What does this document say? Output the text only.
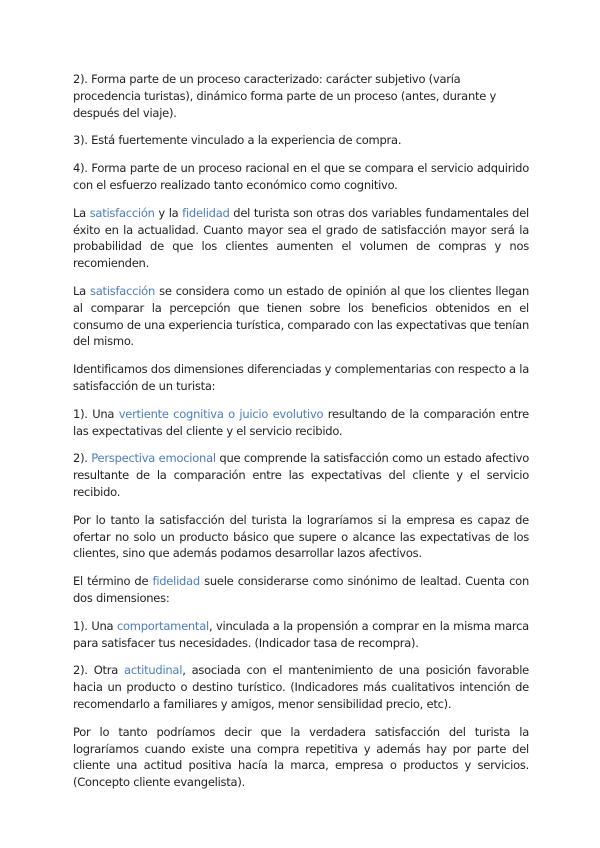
2). Forma parte de un proceso caracterizado: carácter subjetivo (varía procedencia turistas), dinámico forma parte de un proceso (antes, durante y después del viaje).

3). Está fuertemente vinculado a la experiencia de compra.

4). Forma parte de un proceso racional en el que se compara el servicio adquirido con el esfuerzo realizado tanto económico como cognitivo.

La satisfacción y la fidelidad del turista son otras dos variables fundamentales del éxito en la actualidad. Cuanto mayor sea el grado de satisfacción mayor será la probabilidad de que los clientes aumenten el volumen de compras y nos recomienden.

La satisfacción se considera como un estado de opinión al que los clientes llegan al comparar la percepción que tienen sobre los beneficios obtenidos en el consumo de una experiencia turística, comparado con las expectativas que tenían del mismo.

Identificamos dos dimensiones diferenciadas y complementarias con respecto a la satisfacción de un turista:

1). Una vertiente cognitiva o juicio evolutivo resultando de la comparación entre las expectativas del cliente y el servicio recibido.

2). Perspectiva emocional que comprende la satisfacción como un estado afectivo resultante de la comparación entre las expectativas del cliente y el servicio recibido.

Por lo tanto la satisfacción del turista la lograríamos si la empresa es capaz de ofertar no solo un producto básico que supere o alcance las expectativas de los clientes, sino que además podamos desarrollar lazos afectivos.

El término de fidelidad suele considerarse como sinónimo de lealtad. Cuenta con dos dimensiones:

1). Una comportamental, vinculada a la propensión a comprar en la misma marca para satisfacer tus necesidades. (Indicador tasa de recompra).

2). Otra actitudinal, asociada con el mantenimiento de una posición favorable hacia un producto o destino turístico. (Indicadores más cualitativos intención de recomendarlo a familiares y amigos, menor sensibilidad precio, etc).

Por lo tanto podríamos decir que la verdadera satisfacción del turista la lograríamos cuando existe una compra repetitiva y además hay por parte del cliente una actitud positiva hacía la marca, empresa o productos y servicios. (Concepto cliente evangelista).
